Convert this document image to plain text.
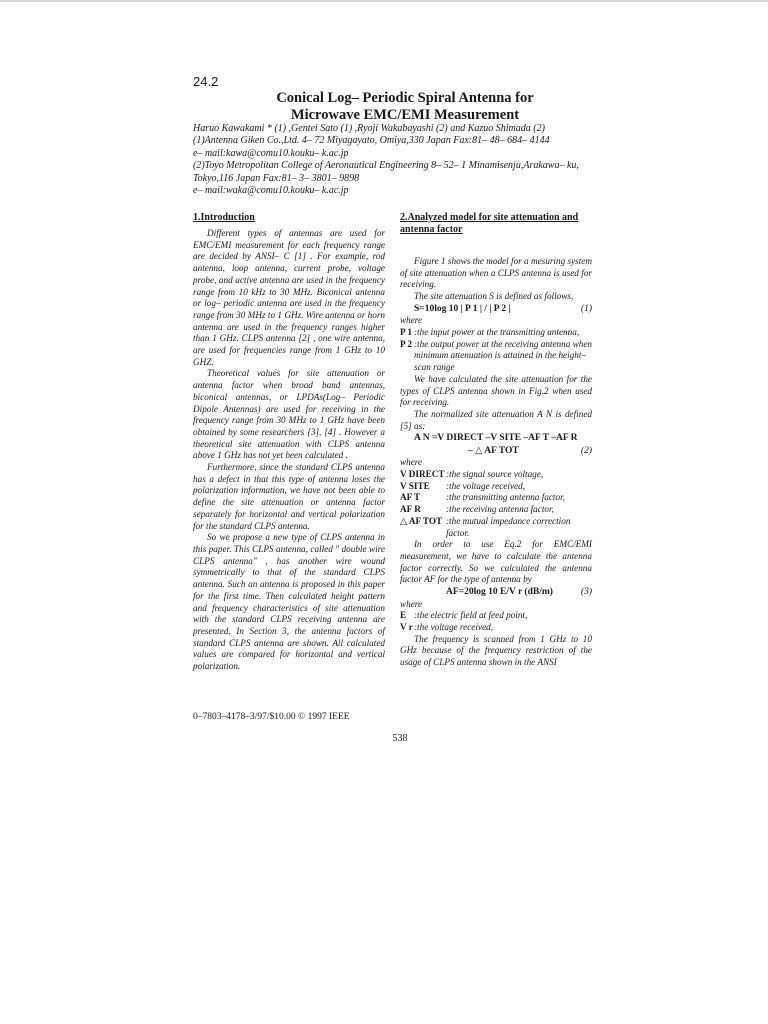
24.2
Conical Log– Periodic Spiral Antenna for
Microwave EMC/EMI Measurement
Haruo Kawakami * (1) ,Gentei Sato (1) ,Ryoji Wakabayashi (2) and Kazuo Shimada (2)
(1)Antenna Giken Co.,Ltd. 4– 72 Miyagayato, Omiya,330 Japan Fax:81– 48– 684– 4144
e– mail:kawa@comu10.kouku– k.ac.jp
(2)Toyo Metropolitan College of Aeronautical Engineering 8– 52– 1 Minamisenju,Arakawa– ku,
Tokyo,116 Japan Fax:81– 3– 3801– 9898
e– mail:waka@comu10.kouku– k.ac.jp
1.Introduction

Different types of antennas are used for EMC/EMI measurement for each frequency range are decided by ANSI– C [1] . For example, rod antenna, loop antenna, current probe, voltage probe, and active antenna are used in the frequency range from 10 kHz to 30 MHz. Biconical antenna or log– periodic antenna are used in the frequency range from 30 MHz to 1 GHz. Wire antenna or horn antenna are used in the frequency ranges higher than 1 GHz. CLPS antenna [2] , one wire antenna, are used for frequencies range from 1 GHz to 10 GHZ.

Theoretical values for site attenuation or antenna factor when broad band antennas, biconical antennas, or LPDAs(Log– Periodic Dipole Antennas) are used for receiving in the frequency range from 30 MHz to 1 GHz have been obtained by some researchers [3], [4] . However a theoretical site attenuation with CLPS antenna above 1 GHz has not yet been calculated .

Furthermore, since the standard CLPS antenna has a defect in that this type of antenna loses the polarization information, we have not been able to define the site attenuation or antenna factor separately for horizontal and vertical polarization for the standard CLPS antenna.

So we propose a new type of CLPS antenna in this paper. This CLPS antenna, called " double wire CLPS antenna" , has another wire wound symmetrically to that of the standard CLPS antenna. Such an antenna is proposed in this paper for the first time. Then calculated height pattern and frequency characteristics of site attenuation with the standard CLPS receiving antenna are presented. In Section 3, the antenna factors of standard CLPS antenna are shown. All calculated values are compared for horizontal and vertical polarization.

2.Analyzed model for site attenuation and antenna factor

Figure 1 shows the model for a mesuring system of site attenuation when a CLPS antenna is used for receiving.

The site attenuation S is defined as follows,

S=10log 10 | P 1 | / | P 2 |	(1)
where
P 1 :the input power at the transmitting antenna,
P 2 :the output power at the receiving antenna when minimum attenuation is attained in the height– scan range

We have calculated the site attenuation for the types of CLPS antenna shown in Fig.2 when used for receiving.

The normalized site attenuation A N is defined [5] as:

A N =V DIRECT –V SITE –AF T –AF R
– △ AF TOT	(2)
where
V DIRECT :the signal source voltage,
V SITE	:the voltage received,
AF T	:the transmitting antenna factor,
AF R	:the receiving antenna factor,
△ AF TOT :the mutual impedance correction factor.

In order to use Eq.2 for EMC/EMI measurement, we have to calculate the antenna factor correctly. So we calculated the antenna factor AF for the type of antenna by

AF=20log 10 E/V r (dB/m)	(3)
where
E :the electric field at feed point,
V r :the voltage received,

The frequency is scanned from 1 GHz to 10 GHz because of the frequency restriction of the usage of CLPS antenna shown in the ANSI

0–7803–4178–3/97/$10.00 © 1997 IEEE
538
